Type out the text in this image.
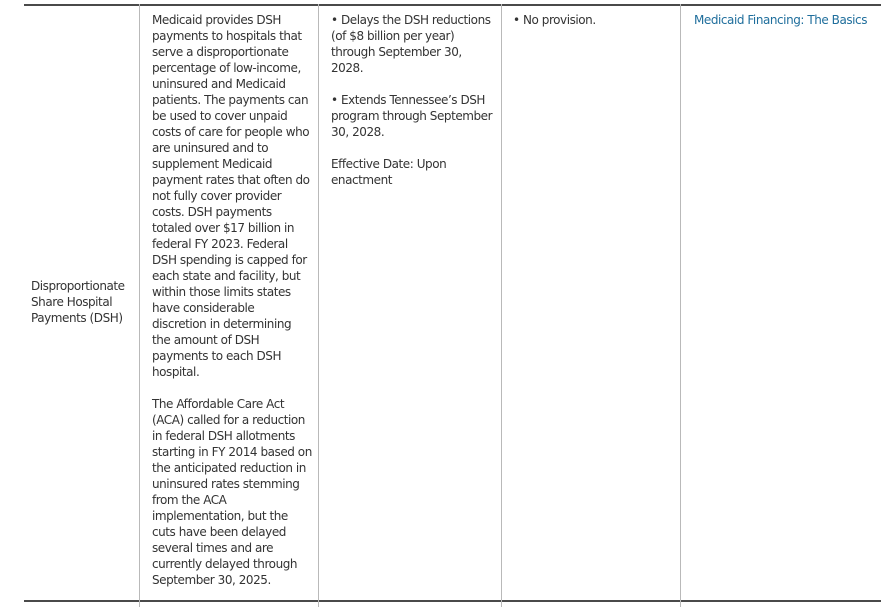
Disproportionate Share Hospital Payments (DSH)

Medicaid provides DSH payments to hospitals that serve a disproportionate percentage of low-income, uninsured and Medicaid patients. The payments can be used to cover unpaid costs of care for people who are uninsured and to supplement Medicaid payment rates that often do not fully cover provider costs. DSH payments totaled over $17 billion in federal FY 2023. Federal DSH spending is capped for each state and facility, but within those limits states have considerable discretion in determining the amount of DSH payments to each DSH hospital.

The Affordable Care Act (ACA) called for a reduction in federal DSH allotments starting in FY 2014 based on the anticipated reduction in uninsured rates stemming from the ACA implementation, but the cuts have been delayed several times and are currently delayed through September 30, 2025.

• Delays the DSH reductions (of $8 billion per year) through September 30, 2028.

• Extends Tennessee’s DSH program through September 30, 2028.

Effective Date: Upon enactment

• No provision.	Medicaid Financing: The Basics
